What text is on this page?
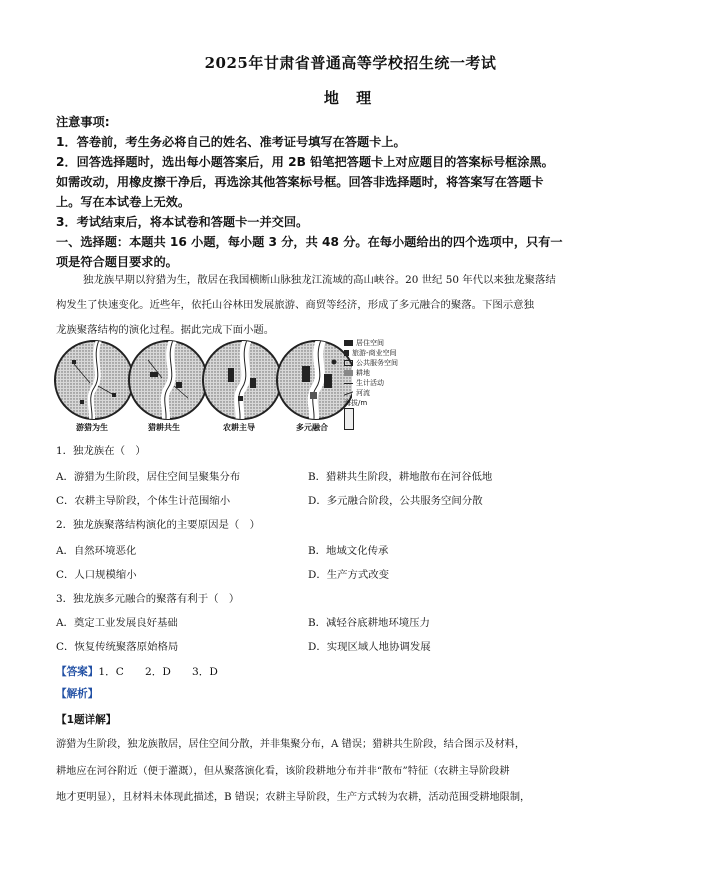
2025年甘肃省普通高等学校招生统一考试
地 理
注意事项:
1．答卷前，考生务必将自己的姓名、准考证号填写在答题卡上。
2．回答选择题时，选出每小题答案后，用 2B 铅笔把答题卡上对应题目的答案标号框涂黑。
如需改动，用橡皮擦干净后，再选涂其他答案标号框。回答非选择题时，将答案写在答题卡
上。写在本试卷上无效。
3．考试结束后，将本试卷和答题卡一并交回。
一、选择题：本题共 16 小题，每小题 3 分，共 48 分。在每小题给出的四个选项中，只有一
项是符合题目要求的。

独龙族早期以狩猎为生，散居在我国横断山脉独龙江流域的高山峡谷。20 世纪 50 年代以来独龙聚落结

构发生了快速变化。近些年，依托山谷林田发展旅游、商贸等经济，形成了多元融合的聚落。下图示意独
龙族聚落结构的演化过程。据此完成下面小题。
游猎为生	猎耕共生	农耕主导	多元融合
居住空间
旅游-商业空间
公共服务空间
耕地
生计活动
河流
海拔/m
1．独龙族在（　）
A．游猎为生阶段，居住空间呈聚集分布	B．猎耕共生阶段，耕地散布在河谷低地
C．农耕主导阶段，个体生计范围缩小	D．多元融合阶段，公共服务空间分散
2．独龙族聚落结构演化的主要原因是（　）
A．自然环境恶化	B．地域文化传承
C．人口规模缩小	D．生产方式改变
3．独龙族多元融合的聚落有利于（　）
A．奠定工业发展良好基础	B．减轻谷底耕地环境压力
C．恢复传统聚落原始格局	D．实现区域人地协调发展
【答案】1．C　　2．D　　3．D
【解析】
【1题详解】
游猎为生阶段，独龙族散居，居住空间分散，并非集聚分布，A 错误；猎耕共生阶段，结合图示及材料，
耕地应在河谷附近（便于灌溉），但从聚落演化看，该阶段耕地分布并非“散布”特征（农耕主导阶段耕
地才更明显），且材料未体现此描述，B 错误；农耕主导阶段，生产方式转为农耕，活动范围受耕地限制，
